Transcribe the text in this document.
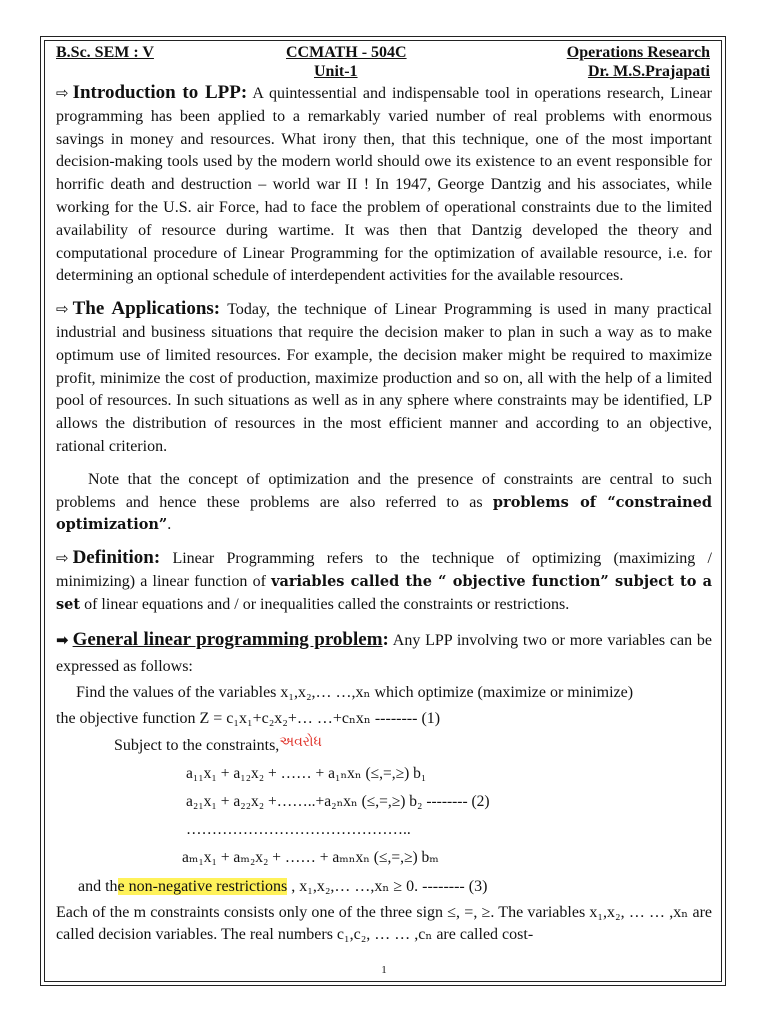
B.Sc. SEM : V	CCMATH - 504C
Unit-1
Operations Research
Dr. M.S.Prajapati

⇨ Introduction to LPP: A quintessential and indispensable tool in operations research, Linear programming has been applied to a remarkably varied number of real problems with enormous savings in money and resources. What irony then, that this technique, one of the most important decision-making tools used by the modern world should owe its existence to an event responsible for horrific death and destruction – world war II ! In 1947, George Dantzig and his associates, while working for the U.S. air Force, had to face the problem of operational constraints due to the limited availability of resource during wartime. It was then that Dantzig developed the theory and computational procedure of Linear Programming for the optimization of available resource, i.e. for determining an optional schedule of interdependent activities for the available resources.

⇨ The Applications: Today, the technique of Linear Programming is used in many practical industrial and business situations that require the decision maker to plan in such a way as to make optimum use of limited resources. For example, the decision maker might be required to maximize profit, minimize the cost of production, maximize production and so on, all with the help of a limited pool of resources. In such situations as well as in any sphere where constraints may be identified, LP allows the distribution of resources in the most efficient manner and according to an objective, rational criterion.

Note that the concept of optimization and the presence of constraints are central to such problems and hence these problems are also referred to as problems of “constrained optimization”.

⇨ Definition: Linear Programming refers to the technique of optimizing (maximizing / minimizing) a linear function of variables called the “ objective function” subject to a set of linear equations and / or inequalities called the constraints or restrictions.

➡ General linear programming problem: Any LPP involving two or more variables can be expressed as follows:

Find the values of the variables x₁,x₂,… …,xₙ which optimize (maximize or minimize)

the objective function Z = c₁x₁+c₂x₂+… …+cₙxₙ -------- (1)

Subject to the constraints,અવરોધ

a₁₁x₁ + a₁₂x₂ + …… + a₁ₙxₙ (≤,=,≥) b₁
a₂₁x₁ + a₂₂x₂ +……..+a₂ₙxₙ (≤,=,≥) b₂ -------- (2)
……………………………………..
aₘ₁x₁ + aₘ₂x₂ + …… + aₘₙxₙ (≤,=,≥) bₘ

and the non-negative restrictions , x₁,x₂,… …,xₙ ≥ 0. -------- (3)

Each of the m constraints consists only one of the three sign ≤, =, ≥. The variables x₁,x₂, … … ,xₙ are called decision variables. The real numbers c₁,c₂, … … ,cₙ are called cost-

1
